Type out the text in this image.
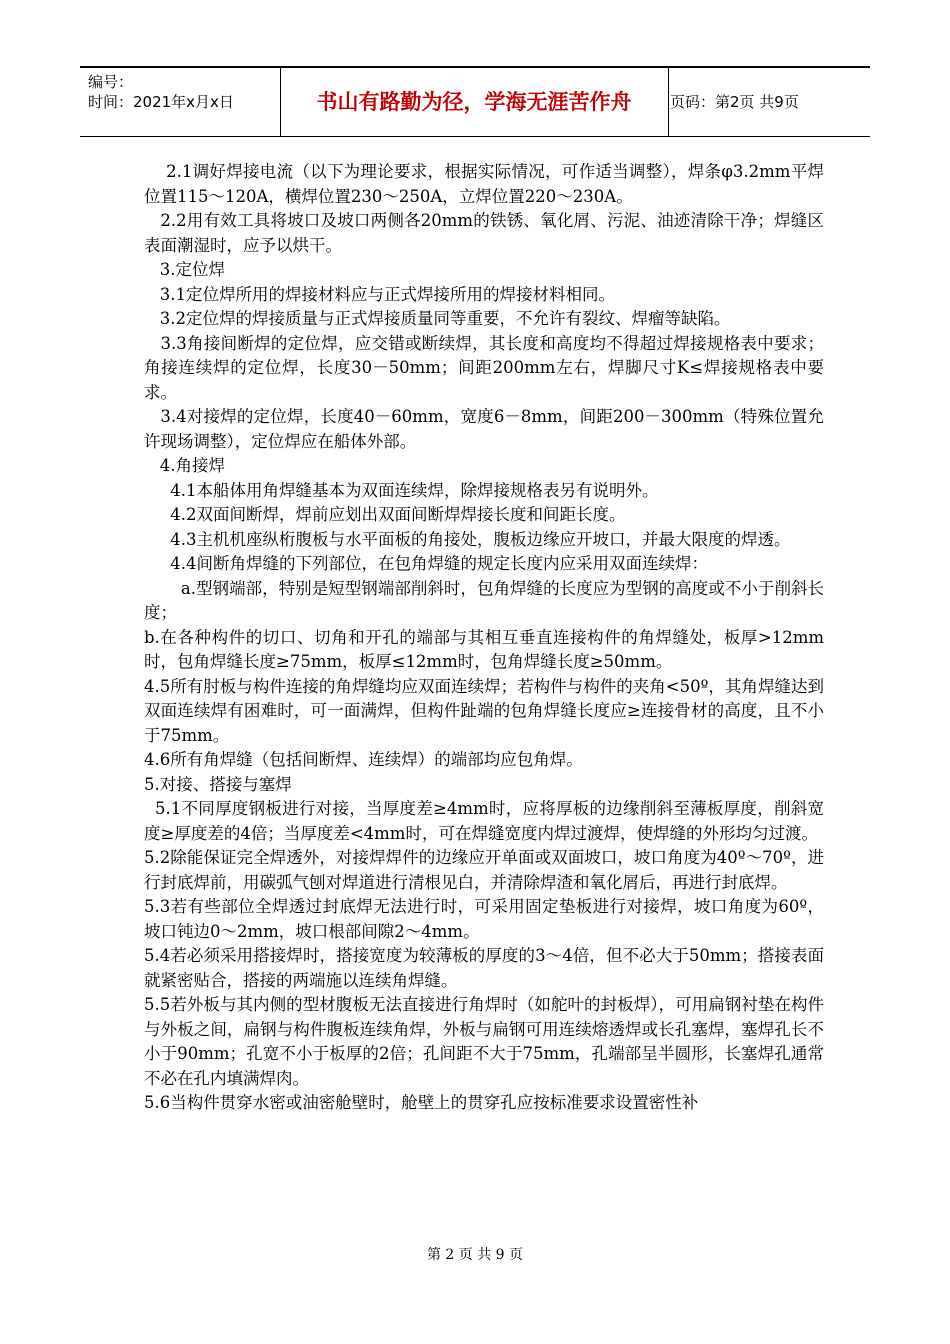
编号：
时间：2021年x月x日	书山有路勤为径，学海无涯苦作舟	页码：第2页 共9页

2.1调好焊接电流（以下为理论要求，根据实际情况，可作适当调整），焊条φ3.2mm平焊位置115～120A，横焊位置230～250A，立焊位置220～230A。

2.2用有效工具将坡口及坡口两侧各20mm的铁锈、氧化屑、污泥、油迹清除干净；焊缝区表面潮湿时，应予以烘干。

3.定位焊

3.1定位焊所用的焊接材料应与正式焊接所用的焊接材料相同。

3.2定位焊的焊接质量与正式焊接质量同等重要，不允许有裂纹、焊瘤等缺陷。

3.3角接间断焊的定位焊，应交错或断续焊，其长度和高度均不得超过焊接规格表中要求；角接连续焊的定位焊，长度30－50mm；间距200mm左右，焊脚尺寸K≤焊接规格表中要求。

3.4对接焊的定位焊，长度40－60mm，宽度6－8mm，间距200－300mm（特殊位置允许现场调整），定位焊应在船体外部。

4.角接焊

4.1本船体用角焊缝基本为双面连续焊，除焊接规格表另有说明外。

4.2双面间断焊，焊前应划出双面间断焊焊接长度和间距长度。

4.3主机机座纵桁腹板与水平面板的角接处，腹板边缘应开坡口，并最大限度的焊透。

4.4间断角焊缝的下列部位，在包角焊缝的规定长度内应采用双面连续焊：

a.型钢端部，特别是短型钢端部削斜时，包角焊缝的长度应为型钢的高度或不小于削斜长度；

b.在各种构件的切口、切角和开孔的端部与其相互垂直连接构件的角焊缝处，板厚>12mm时，包角焊缝长度≥75mm，板厚≤12mm时，包角焊缝长度≥50mm。

4.5所有肘板与构件连接的角焊缝均应双面连续焊；若构件与构件的夹角<50º，其角焊缝达到双面连续焊有困难时，可一面满焊，但构件趾端的包角焊缝长度应≥连接骨材的高度，且不小于75mm。

4.6所有角焊缝（包括间断焊、连续焊）的端部均应包角焊。

5.对接、搭接与塞焊

5.1不同厚度钢板进行对接，当厚度差≥4mm时，应将厚板的边缘削斜至薄板厚度，削斜宽度≥厚度差的4倍；当厚度差<4mm时，可在焊缝宽度内焊过渡焊，使焊缝的外形均匀过渡。

5.2除能保证完全焊透外，对接焊焊件的边缘应开单面或双面坡口，坡口角度为40º～70º，进行封底焊前，用碳弧气刨对焊道进行清根见白，并清除焊渣和氧化屑后，再进行封底焊。

5.3若有些部位全焊透过封底焊无法进行时，可采用固定垫板进行对接焊，坡口角度为60º，坡口钝边0～2mm，坡口根部间隙2～4mm。

5.4若必须采用搭接焊时，搭接宽度为较薄板的厚度的3～4倍，但不必大于50mm；搭接表面就紧密贴合，搭接的两端施以连续角焊缝。

5.5若外板与其内侧的型材腹板无法直接进行角焊时（如舵叶的封板焊），可用扁钢衬垫在构件与外板之间，扁钢与构件腹板连续角焊，外板与扁钢可用连续熔透焊或长孔塞焊，塞焊孔长不小于90mm；孔宽不小于板厚的2倍；孔间距不大于75mm，孔端部呈半圆形，长塞焊孔通常不必在孔内填满焊肉。

5.6当构件贯穿水密或油密舱壁时，舱壁上的贯穿孔应按标准要求设置密性补

第 2 页 共 9 页
